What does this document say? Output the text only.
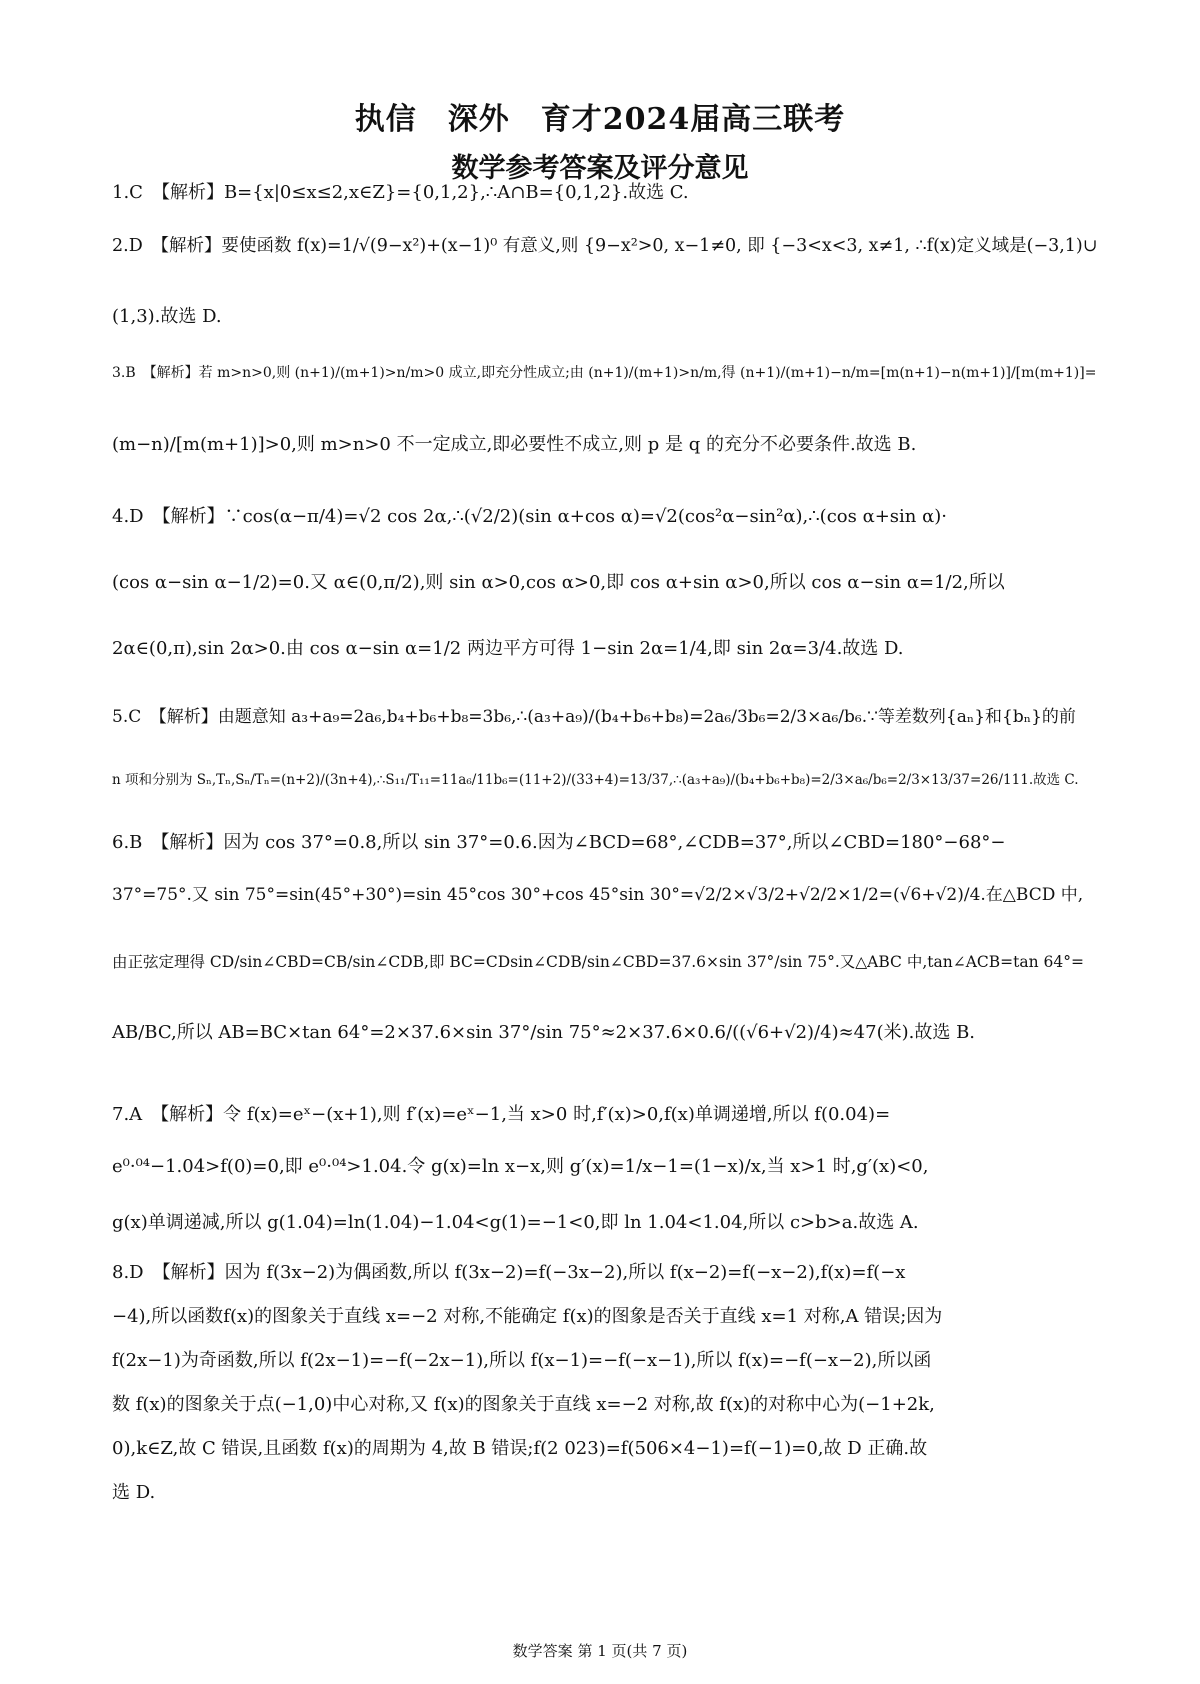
执信　深外　育才2024届高三联考
数学参考答案及评分意见
1.C　【解析】B={x|0≤x≤2,x∈Z}={0,1,2},∴A∩B={0,1,2}.故选 C.
2.D　【解析】要使函数 f(x)=1/√(9−x²)+(x−1)⁰ 有意义,则 {9−x²>0, x−1≠0, 即 {−3<x<3, x≠1, ∴f(x)定义域是(−3,1)∪
(1,3).故选 D.
3.B　【解析】若 m>n>0,则 (n+1)/(m+1)>n/m>0 成立,即充分性成立;由 (n+1)/(m+1)>n/m,得 (n+1)/(m+1)−n/m=[m(n+1)−n(m+1)]/[m(m+1)]=
(m−n)/[m(m+1)]>0,则 m>n>0 不一定成立,即必要性不成立,则 p 是 q 的充分不必要条件.故选 B.
4.D　【解析】∵cos(α−π/4)=√2 cos 2α,∴(√2/2)(sin α+cos α)=√2(cos²α−sin²α),∴(cos α+sin α)·
(cos α−sin α−1/2)=0.又 α∈(0,π/2),则 sin α>0,cos α>0,即 cos α+sin α>0,所以 cos α−sin α=1/2,所以
2α∈(0,π),sin 2α>0.由 cos α−sin α=1/2 两边平方可得 1−sin 2α=1/4,即 sin 2α=3/4.故选 D.
5.C　【解析】由题意知 a₃+a₉=2a₆,b₄+b₆+b₈=3b₆,∴(a₃+a₉)/(b₄+b₆+b₈)=2a₆/3b₆=2/3×a₆/b₆.∵等差数列{aₙ}和{bₙ}的前
n 项和分别为 Sₙ,Tₙ,Sₙ/Tₙ=(n+2)/(3n+4),∴S₁₁/T₁₁=11a₆/11b₆=(11+2)/(33+4)=13/37,∴(a₃+a₉)/(b₄+b₆+b₈)=2/3×a₆/b₆=2/3×13/37=26/111.故选 C.
6.B　【解析】因为 cos 37°=0.8,所以 sin 37°=0.6.因为∠BCD=68°,∠CDB=37°,所以∠CBD=180°−68°−
37°=75°.又 sin 75°=sin(45°+30°)=sin 45°cos 30°+cos 45°sin 30°=√2/2×√3/2+√2/2×1/2=(√6+√2)/4.在△BCD 中,
由正弦定理得 CD/sin∠CBD=CB/sin∠CDB,即 BC=CDsin∠CDB/sin∠CBD=37.6×sin 37°/sin 75°.又△ABC 中,tan∠ACB=tan 64°=
AB/BC,所以 AB=BC×tan 64°=2×37.6×sin 37°/sin 75°≈2×37.6×0.6/((√6+√2)/4)≈47(米).故选 B.
7.A　【解析】令 f(x)=eˣ−(x+1),则 f′(x)=eˣ−1,当 x>0 时,f′(x)>0,f(x)单调递增,所以 f(0.04)=
e⁰·⁰⁴−1.04>f(0)=0,即 e⁰·⁰⁴>1.04.令 g(x)=ln x−x,则 g′(x)=1/x−1=(1−x)/x,当 x>1 时,g′(x)<0,
g(x)单调递减,所以 g(1.04)=ln(1.04)−1.04<g(1)=−1<0,即 ln 1.04<1.04,所以 c>b>a.故选 A.
8.D　【解析】因为 f(3x−2)为偶函数,所以 f(3x−2)=f(−3x−2),所以 f(x−2)=f(−x−2),f(x)=f(−x
−4),所以函数f(x)的图象关于直线 x=−2 对称,不能确定 f(x)的图象是否关于直线 x=1 对称,A 错误;因为
f(2x−1)为奇函数,所以 f(2x−1)=−f(−2x−1),所以 f(x−1)=−f(−x−1),所以 f(x)=−f(−x−2),所以函
数 f(x)的图象关于点(−1,0)中心对称,又 f(x)的图象关于直线 x=−2 对称,故 f(x)的对称中心为(−1+2k,
0),k∈Z,故 C 错误,且函数 f(x)的周期为 4,故 B 错误;f(2 023)=f(506×4−1)=f(−1)=0,故 D 正确.故
选 D.
数学答案 第 1 页(共 7 页)
